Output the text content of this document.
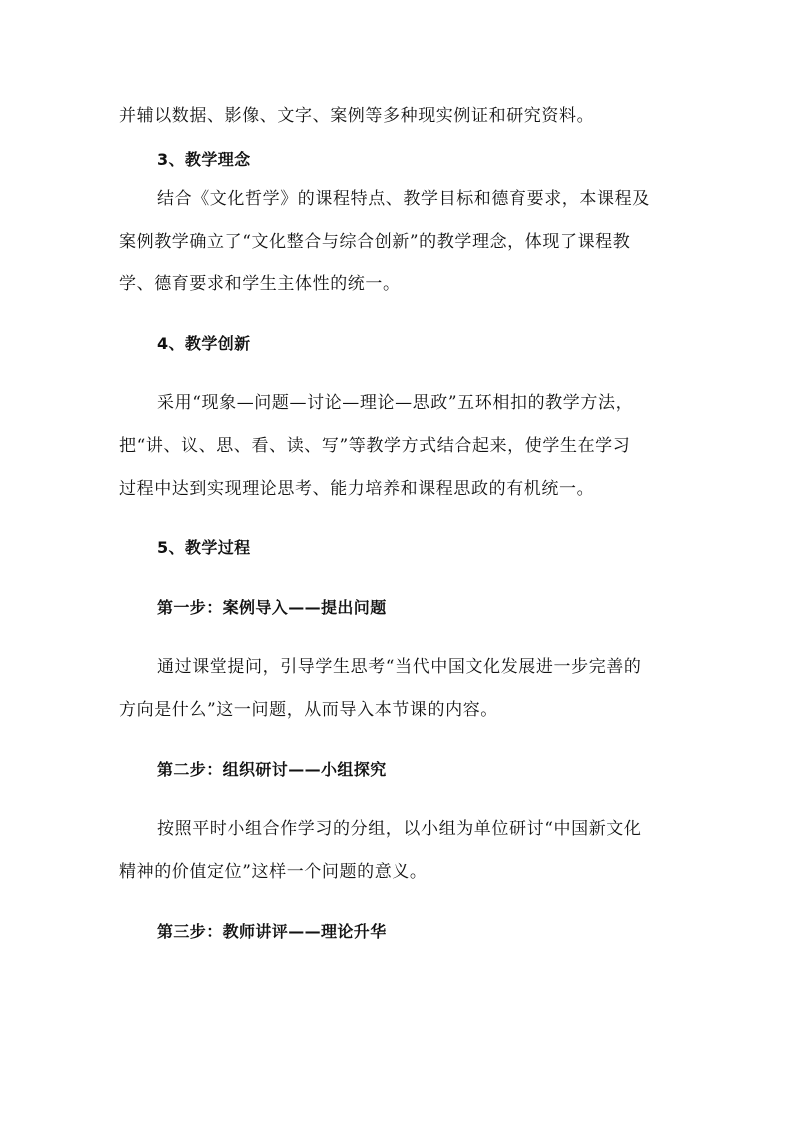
并辅以数据、影像、文字、案例等多种现实例证和研究资料。
3、教学理念
结合《文化哲学》的课程特点、教学目标和德育要求，本课程及
案例教学确立了“文化整合与综合创新”的教学理念，体现了课程教
学、德育要求和学生主体性的统一。
4、教学创新
采用“现象—问题—讨论—理论—思政”五环相扣的教学方法，
把“讲、议、思、看、读、写”等教学方式结合起来，使学生在学习
过程中达到实现理论思考、能力培养和课程思政的有机统一。
5、教学过程
第一步：案例导入——提出问题
通过课堂提问，引导学生思考“当代中国文化发展进一步完善的
方向是什么”这一问题，从而导入本节课的内容。
第二步：组织研讨——小组探究
按照平时小组合作学习的分组，以小组为单位研讨“中国新文化
精神的价值定位”这样一个问题的意义。
第三步：教师讲评——理论升华
